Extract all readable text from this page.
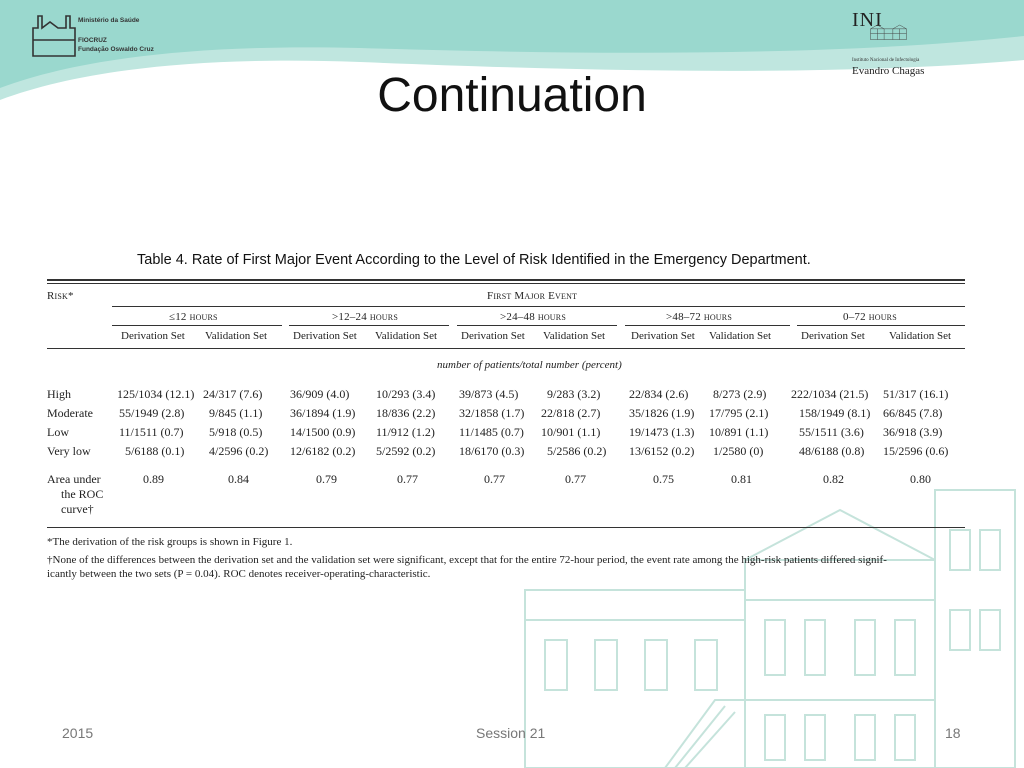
Ministério da Saúde
FIOCRUZ
Fundação Oswaldo Cruz
INI
Instituto Nacional de Infectologia
Evandro Chagas
Continuation
Table 4. Rate of First Major Event According to the Level of Risk Identified in the Emergency Department.
Risk*	First Major Event
≤12 hours	>12–24 hours	>24–48 hours	>48–72 hours	0–72 hours
Derivation Set Validation Set Derivation Set Validation Set Derivation Set Validation Set Derivation Set Validation Set	Derivation Set Validation Set
number of patients/total number (percent)
High	125/1034 (12.1) 24/317 (7.6) 36/909 (4.0) 10/293 (3.4) 39/873 (4.5) 9/283 (3.2) 22/834 (2.6) 8/273 (2.9) 222/1034 (21.5) 51/317 (16.1)
Moderate 55/1949 (2.8) 9/845 (1.1) 36/1894 (1.9) 18/836 (2.2) 32/1858 (1.7) 22/818 (2.7) 35/1826 (1.9) 17/795 (2.1)	158/1949 (8.1) 66/845 (7.8)
Low	11/1511 (0.7) 5/918 (0.5) 14/1500 (0.9) 11/912 (1.2) 11/1485 (0.7) 10/901 (1.1) 19/1473 (1.3) 10/891 (1.1)	55/1511 (3.6) 36/918 (3.9)
Very low	5/6188 (0.1) 4/2596 (0.2) 12/6182 (0.2) 5/2592 (0.2) 18/6170 (0.3) 5/2586 (0.2) 13/6152 (0.2) 1/2580 (0)	48/6188 (0.8) 15/2596 (0.6)
Area under
the ROC
curve†
0.89	0.84	0.79	0.77	0.77	0.77	0.75	0.81	0.82	0.80
*The derivation of the risk groups is shown in Figure 1.
†None of the differences between the derivation set and the validation set were significant, except that for the entire 72-hour period, the event rate among the high-risk patients differed signif-
icantly between the two sets (P = 0.04). ROC denotes receiver-operating-characteristic.
2015	Session 21	18
